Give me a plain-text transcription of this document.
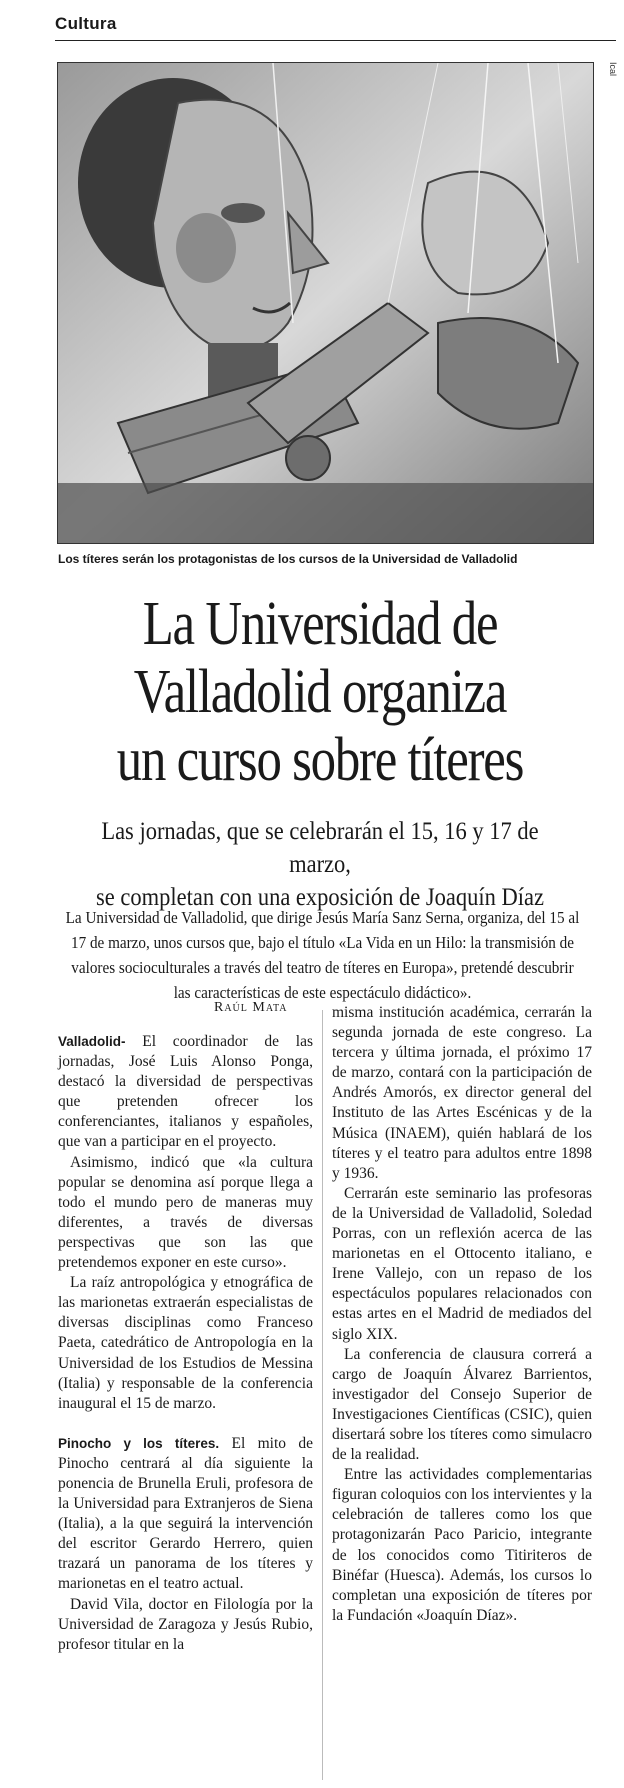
Cultura
Ical
Los títeres serán los protagonistas de los cursos de la Universidad de Valladolid
La Universidad de
Valladolid organiza
un curso sobre títeres
Las jornadas, que se celebrarán el 15, 16 y 17 de marzo,
se completan con una exposición de Joaquín Díaz
La Universidad de Valladolid, que dirige Jesús María Sanz Serna, organiza, del 15 al 17 de marzo, unos cursos que, bajo el título «La Vida en un Hilo: la transmisión de valores socioculturales a través del teatro de títeres en Europa», pretendé descubrir las características de este espectáculo didáctico».
Raúl Mata

Valladolid- El coordinador de las jornadas, José Luis Alonso Ponga, destacó la diversidad de perspectivas que pretenden ofrecer los conferenciantes, italianos y españoles, que van a participar en el proyecto.

Asimismo, indicó que «la cultura popular se denomina así porque llega a todo el mundo pero de maneras muy diferentes, a través de diversas perspectivas que son las que pretendemos exponer en este curso».

La raíz antropológica y etnográfica de las marionetas extraerán especialistas de diversas disciplinas como Franceso Paeta, catedrático de Antropología en la Universidad de los Estudios de Messina (Italia) y responsable de la conferencia inaugural el 15 de marzo.

Pinocho y los títeres. El mito de Pinocho centrará al día siguiente la ponencia de Brunella Eruli, profesora de la Universidad para Extranjeros de Siena (Italia), a la que seguirá la intervención del escritor Gerardo Herrero, quien trazará un panorama de los títeres y marionetas en el teatro actual.

David Vila, doctor en Filología por la Universidad de Zaragoza y Jesús Rubio, profesor titular en la

misma institución académica, cerrarán la segunda jornada de este congreso. La tercera y última jornada, el próximo 17 de marzo, contará con la participación de Andrés Amorós, ex director general del Instituto de las Artes Escénicas y de la Música (INAEM), quién hablará de los títeres y el teatro para adultos entre 1898 y 1936.

Cerrarán este seminario las profesoras de la Universidad de Valladolid, Soledad Porras, con un reflexión acerca de las marionetas en el Ottocento italiano, e Irene Vallejo, con un repaso de los espectáculos populares relacionados con estas artes en el Madrid de mediados del siglo XIX.

La conferencia de clausura correrá a cargo de Joaquín Álvarez Barrientos, investigador del Consejo Superior de Investigaciones Científicas (CSIC), quien disertará sobre los títeres como simulacro de la realidad.

Entre las actividades complementarias figuran coloquios con los intervientes y la celebración de talleres como los que protagonizarán Paco Paricio, integrante de los conocidos como Titiriteros de Binéfar (Huesca). Además, los cursos lo completan una exposición de títeres por la Fundación «Joaquín Díaz».
